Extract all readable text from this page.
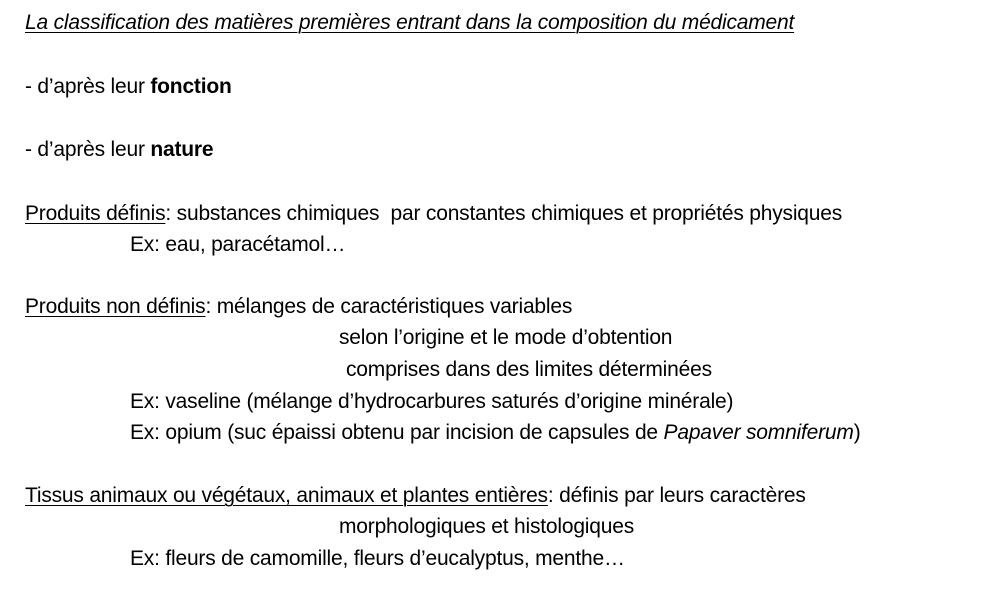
La classification des matières premières entrant dans la composition du médicament
- d’après leur fonction
- d’après leur nature
Produits définis: substances chimiques  par constantes chimiques et propriétés physiques
Ex: eau, paracétamol…
Produits non définis: mélanges de caractéristiques variables
selon l’origine et le mode d’obtention
comprises dans des limites déterminées
Ex: vaseline (mélange d’hydrocarbures saturés d’origine minérale)
Ex: opium (suc épaissi obtenu par incision de capsules de Papaver somniferum)
Tissus animaux ou végétaux, animaux et plantes entières: définis par leurs caractères
morphologiques et histologiques
Ex: fleurs de camomille, fleurs d’eucalyptus, menthe…
